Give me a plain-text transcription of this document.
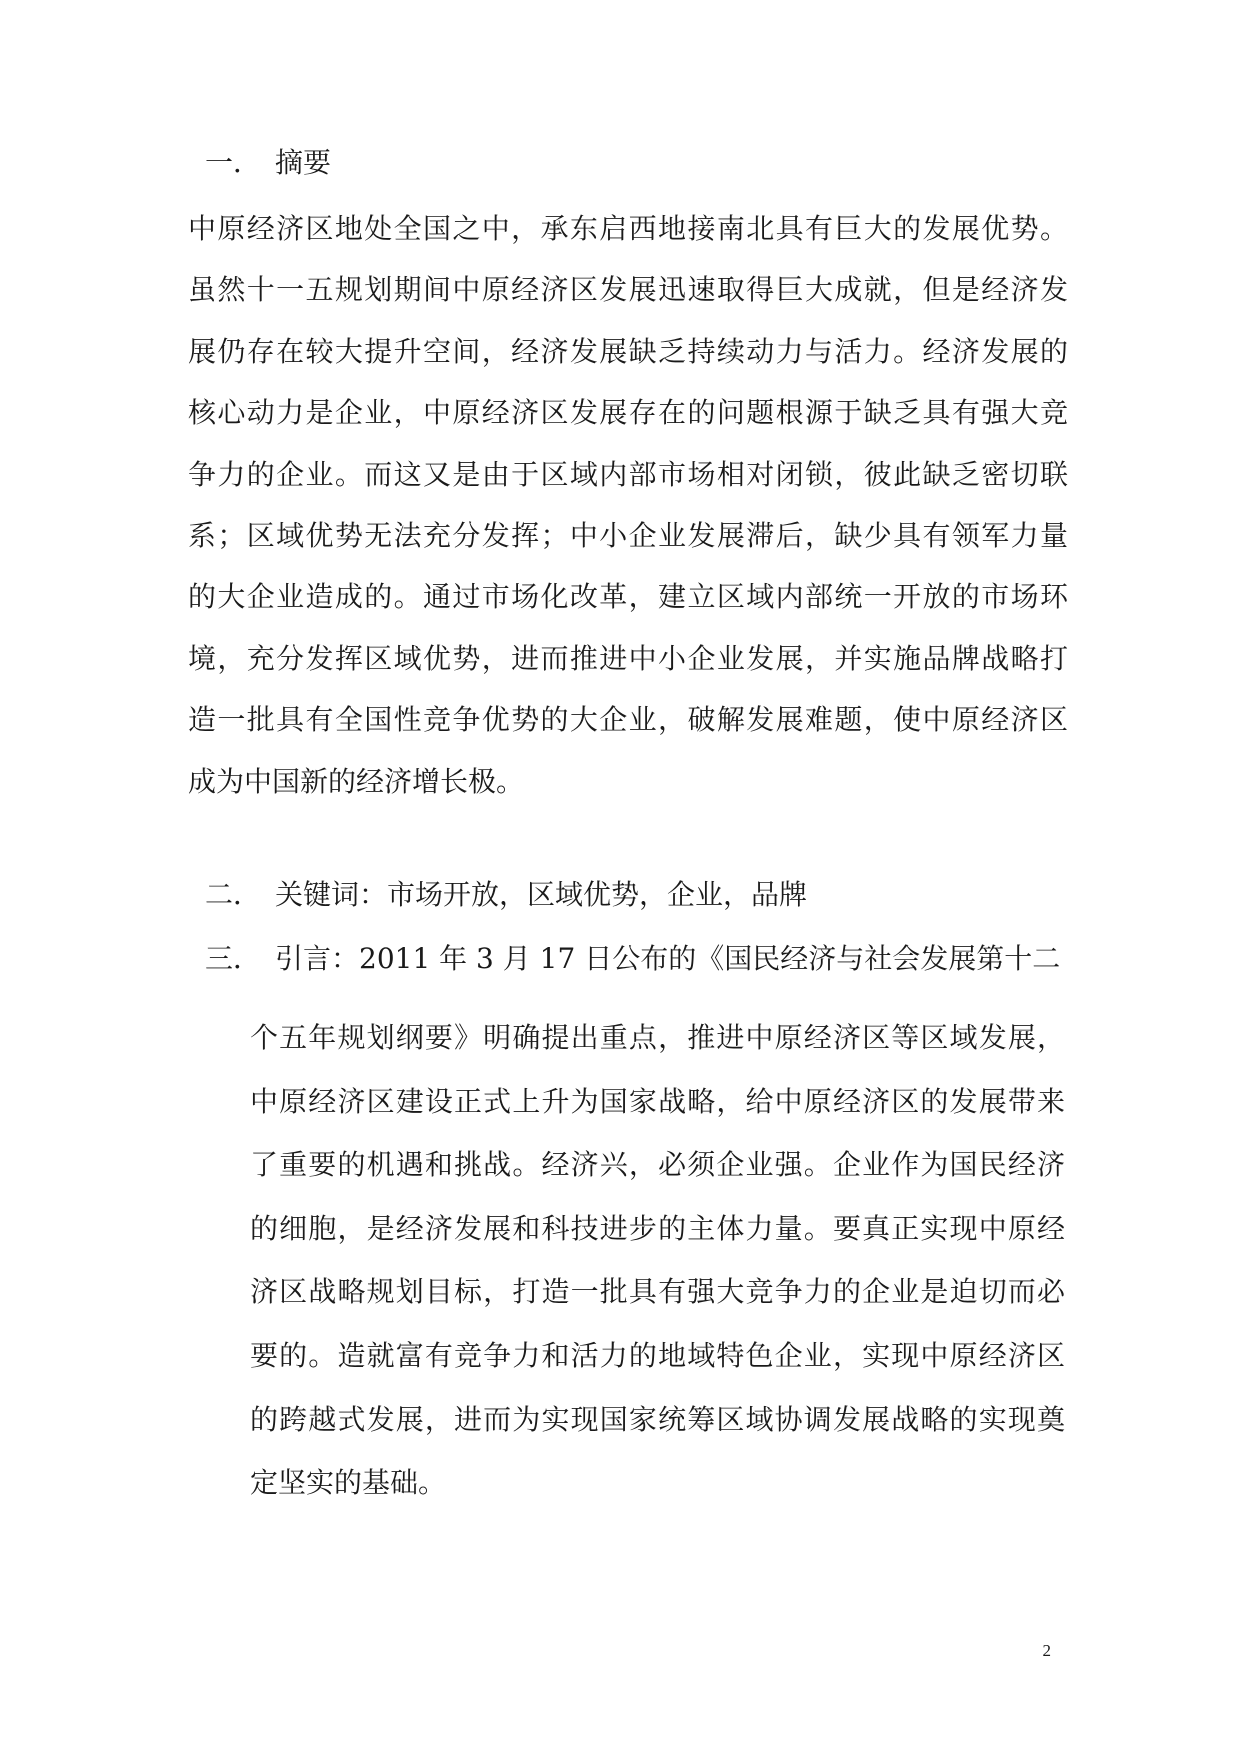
一． 摘要
中原经济区地处全国之中，承东启西地接南北具有巨大的发展优势。
虽然十一五规划期间中原经济区发展迅速取得巨大成就，但是经济发
展仍存在较大提升空间，经济发展缺乏持续动力与活力。经济发展的
核心动力是企业，中原经济区发展存在的问题根源于缺乏具有强大竞
争力的企业。而这又是由于区域内部市场相对闭锁，彼此缺乏密切联
系；区域优势无法充分发挥；中小企业发展滞后，缺少具有领军力量
的大企业造成的。通过市场化改革，建立区域内部统一开放的市场环
境，充分发挥区域优势，进而推进中小企业发展，并实施品牌战略打
造一批具有全国性竞争优势的大企业，破解发展难题，使中原经济区
成为中国新的经济增长极。
二． 关键词：市场开放，区域优势，企业，品牌
三． 引言：2011 年 3 月 17 日公布的《国民经济与社会发展第十二
个五年规划纲要》明确提出重点，推进中原经济区等区域发展，
中原经济区建设正式上升为国家战略，给中原经济区的发展带来
了重要的机遇和挑战。经济兴，必须企业强。企业作为国民经济
的细胞，是经济发展和科技进步的主体力量。要真正实现中原经
济区战略规划目标，打造一批具有强大竞争力的企业是迫切而必
要的。造就富有竞争力和活力的地域特色企业，实现中原经济区
的跨越式发展，进而为实现国家统筹区域协调发展战略的实现奠
定坚实的基础。
2
